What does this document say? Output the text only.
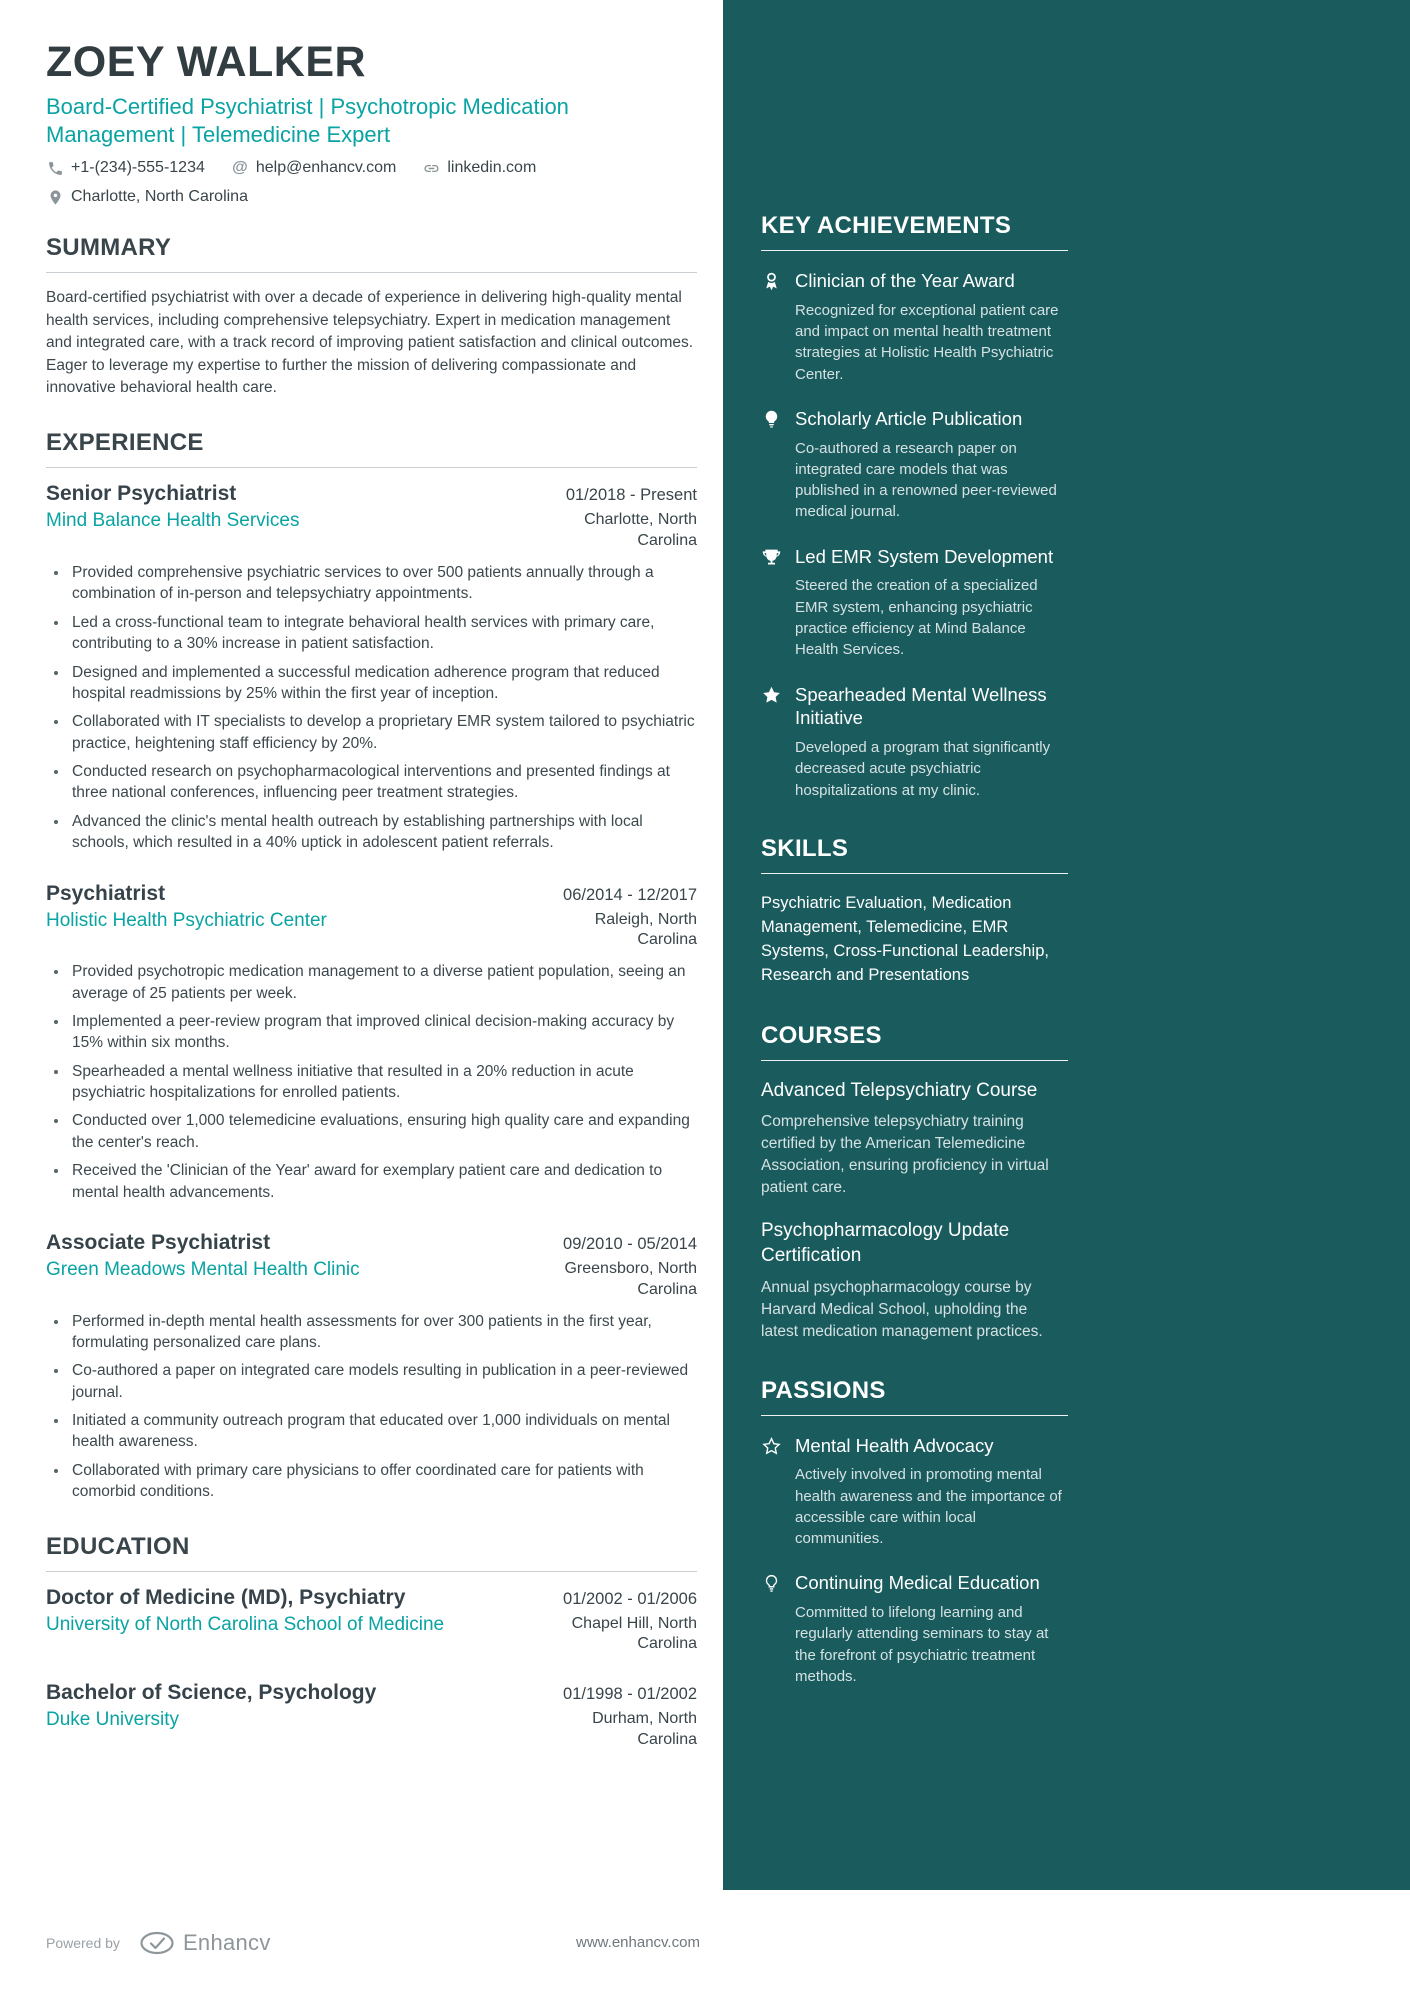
ZOEY WALKER
Board-Certified Psychiatrist | Psychotropic Medication Management | Telemedicine Expert
+1-(234)-555-1234 @ help@enhancv.com	linkedin.com
Charlotte, North Carolina
SUMMARY

Board-certified psychiatrist with over a decade of experience in delivering high-quality mental health services, including comprehensive telepsychiatry. Expert in medication management and integrated care, with a track record of improving patient satisfaction and clinical outcomes. Eager to leverage my expertise to further the mission of delivering compassionate and innovative behavioral health care.

EXPERIENCE
Senior Psychiatrist	01/2018 - Present
Mind Balance Health Services	Charlotte, North Carolina
• Provided comprehensive psychiatric services to over 500 patients annually through a combination of in-person and telepsychiatry appointments.
• Led a cross-functional team to integrate behavioral health services with primary care, contributing to a 30% increase in patient satisfaction.
• Designed and implemented a successful medication adherence program that reduced hospital readmissions by 25% within the first year of inception.
• Collaborated with IT specialists to develop a proprietary EMR system tailored to psychiatric practice, heightening staff efficiency by 20%.
• Conducted research on psychopharmacological interventions and presented findings at three national conferences, influencing peer treatment strategies.
• Advanced the clinic's mental health outreach by establishing partnerships with local schools, which resulted in a 40% uptick in adolescent patient referrals.
Psychiatrist	06/2014 - 12/2017
Holistic Health Psychiatric Center	Raleigh, North Carolina
• Provided psychotropic medication management to a diverse patient population, seeing an average of 25 patients per week.
• Implemented a peer-review program that improved clinical decision-making accuracy by 15% within six months.
• Spearheaded a mental wellness initiative that resulted in a 20% reduction in acute psychiatric hospitalizations for enrolled patients.
• Conducted over 1,000 telemedicine evaluations, ensuring high quality care and expanding the center's reach.
• Received the 'Clinician of the Year' award for exemplary patient care and dedication to mental health advancements.
Associate Psychiatrist	09/2010 - 05/2014
Green Meadows Mental Health Clinic	Greensboro, North Carolina
• Performed in-depth mental health assessments for over 300 patients in the first year, formulating personalized care plans.
• Co-authored a paper on integrated care models resulting in publication in a peer-reviewed journal.
• Initiated a community outreach program that educated over 1,000 individuals on mental health awareness.
• Collaborated with primary care physicians to offer coordinated care for patients with comorbid conditions.
EDUCATION
Doctor of Medicine (MD), Psychiatry	01/2002 - 01/2006
University of North Carolina School of Medicine	Chapel Hill, North Carolina
Bachelor of Science, Psychology	01/1998 - 01/2002
Duke University	Durham, North Carolina
KEY ACHIEVEMENTS
Clinician of the Year Award
Recognized for exceptional patient care and impact on mental health treatment strategies at Holistic Health Psychiatric Center.
Scholarly Article Publication
Co-authored a research paper on integrated care models that was published in a renowned peer-reviewed medical journal.
Led EMR System Development
Steered the creation of a specialized EMR system, enhancing psychiatric practice efficiency at Mind Balance Health Services.
Spearheaded Mental Wellness Initiative
Developed a program that significantly decreased acute psychiatric hospitalizations at my clinic.
SKILLS
Psychiatric Evaluation, Medication Management, Telemedicine, EMR Systems, Cross-Functional Leadership, Research and Presentations
COURSES
Advanced Telepsychiatry Course
Comprehensive telepsychiatry training certified by the American Telemedicine Association, ensuring proficiency in virtual patient care.
Psychopharmacology Update Certification
Annual psychopharmacology course by Harvard Medical School, upholding the latest medication management practices.
PASSIONS
Mental Health Advocacy
Actively involved in promoting mental health awareness and the importance of accessible care within local communities.
Continuing Medical Education
Committed to lifelong learning and regularly attending seminars to stay at the forefront of psychiatric treatment methods.
Powered by	Enhancv	www.enhancv.com
